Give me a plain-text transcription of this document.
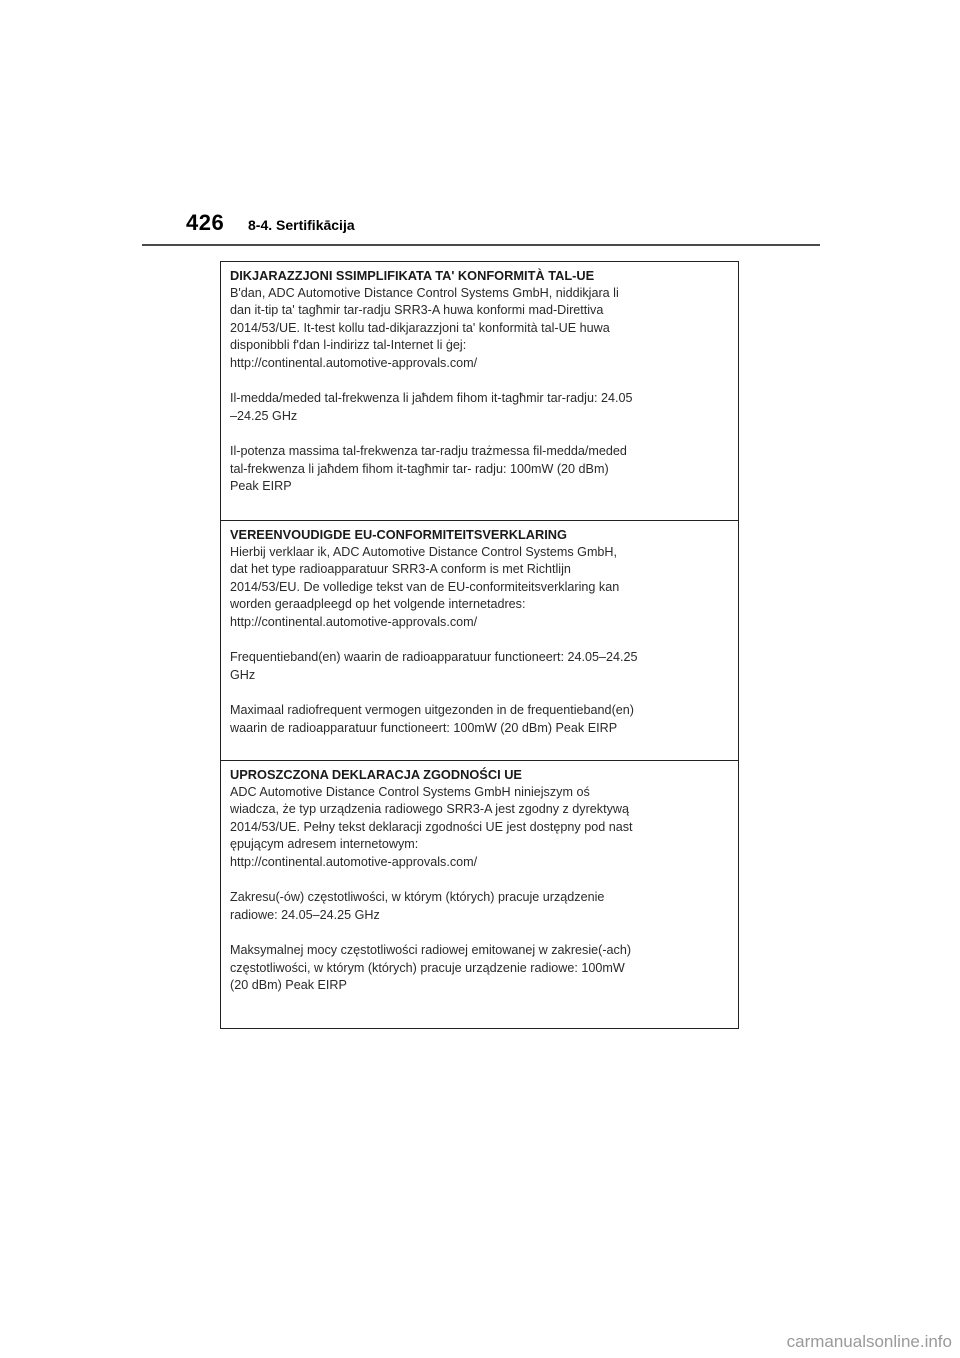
426 8-4. Sertifikācija
DIKJARAZZJONI SSIMPLIFIKATA TA' KONFORMITÀ TAL-UE

B'dan, ADC Automotive Distance Control Systems GmbH, niddikjara li
dan it-tip ta' tagħmir tar-radju SRR3-A huwa konformi mad-Direttiva
2014/53/UE. It-test kollu tad-dikjarazzjoni ta' konformità tal-UE huwa
disponibbli f'dan l-indirizz tal-Internet li ġej:
http://continental.automotive-approvals.com/

Il-medda/meded tal-frekwenza li jaħdem fihom it-tagħmir tar-radju: 24.05
–24.25 GHz

Il-potenza massima tal-frekwenza tar-radju trażmessa fil-medda/meded
tal-frekwenza li jaħdem fihom it-tagħmir tar- radju: 100mW (20 dBm)
Peak EIRP

VEREENVOUDIGDE EU-CONFORMITEITSVERKLARING

Hierbij verklaar ik, ADC Automotive Distance Control Systems GmbH,
dat het type radioapparatuur SRR3-A conform is met Richtlijn
2014/53/EU. De volledige tekst van de EU-conformiteitsverklaring kan
worden geraadpleegd op het volgende internetadres:
http://continental.automotive-approvals.com/

Frequentieband(en) waarin de radioapparatuur functioneert: 24.05–24.25
GHz

Maximaal radiofrequent vermogen uitgezonden in de frequentieband(en)
waarin de radioapparatuur functioneert: 100mW (20 dBm) Peak EIRP

UPROSZCZONA DEKLARACJA ZGODNOŚCI UE

ADC Automotive Distance Control Systems GmbH niniejszym oś
wiadcza, że typ urządzenia radiowego SRR3-A jest zgodny z dyrektywą
2014/53/UE. Pełny tekst deklaracji zgodności UE jest dostępny pod nast
ępującym adresem internetowym:
http://continental.automotive-approvals.com/

Zakresu(-ów) częstotliwości, w którym (których) pracuje urządzenie
radiowe: 24.05–24.25 GHz

Maksymalnej mocy częstotliwości radiowej emitowanej w zakresie(-ach)
częstotliwości, w którym (których) pracuje urządzenie radiowe: 100mW
(20 dBm) Peak EIRP

carmanualsonline.info
